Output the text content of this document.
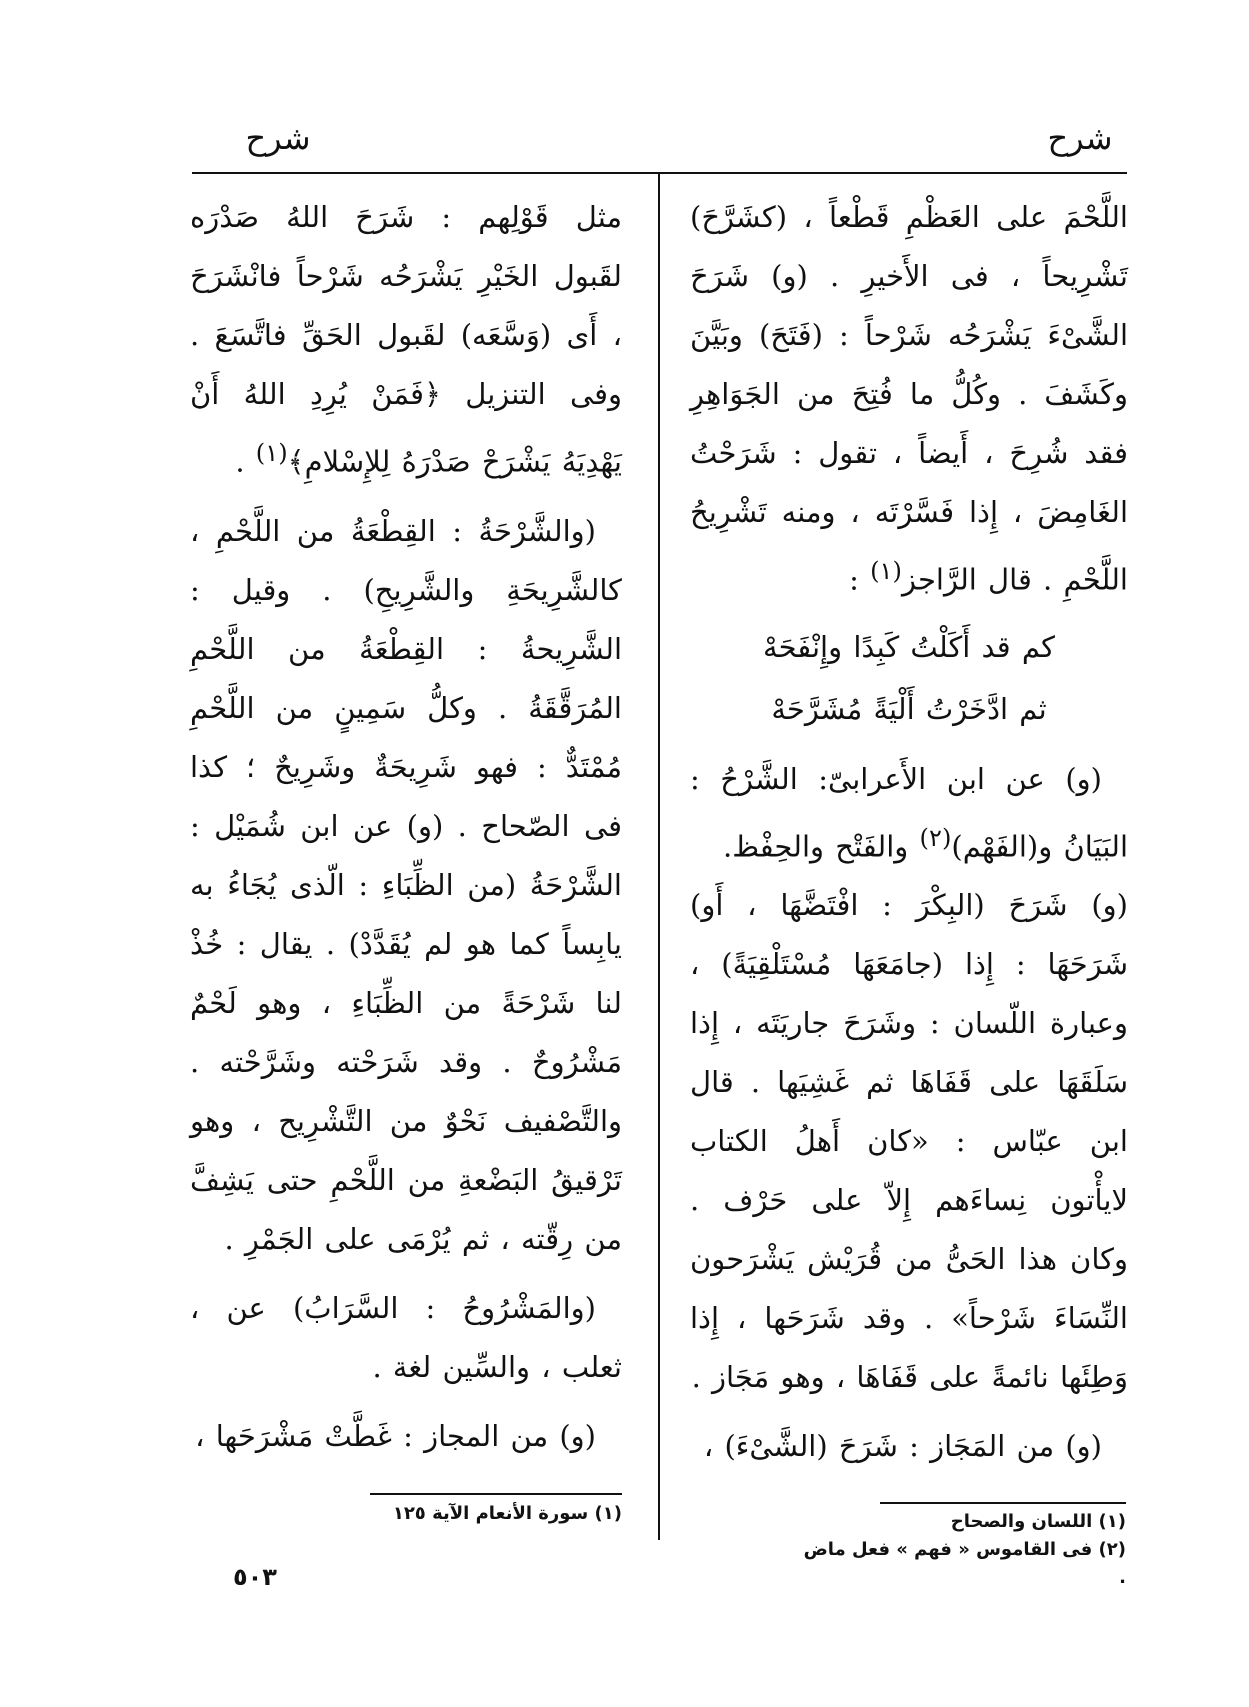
شرح
شرح

اللَّحْمَ على العَظْمِ قَطْعاً ، (كشَرَّحَ) تَشْرِيحاً ، فى الأَخيرِ . (و) شَرَحَ الشَّىْءَ يَشْرَحُه شَرْحاً : (فَتَحَ) وبَيَّنَ وكَشَفَ . وكُلُّ ما فُتِحَ من الجَوَاهِرِ فقد شُرِحَ ، أَيضاً ، تقول : شَرَحْتُ الغَامِضَ ، إِذا فَسَّرْتَه ، ومنه تَشْرِيحُ اللَّحْمِ . قال الرَّاجز$^{(١)}$ :

كم قد أَكَلْتُ كَبِدًا وإِنْفَحَهْ
ثم ادَّخَرْتُ أَلْيَةً مُشَرَّحَهْ

(و) عن ابن الأَعرابىّ: الشَّرْحُ : البَيَانُ و(الفَهْم)$^{(٢)}$ والفَتْح والحِفْظ.

(و) شَرَحَ (البِكْرَ : افْتَضَّهَا ، أَو) شَرَحَهَا : إِذا (جامَعَهَا مُسْتَلْقِيَةً) ، وعبارة اللّسان : وشَرَحَ جاريَتَه ، إِذا سَلَقَهَا على قَفَاهَا ثم غَشِيَها . قال ابن عبّاس : «كان أَهلُ الكتاب لايأْتون نِساءَهم إِلاّ على حَرْف . وكان هذا الحَىُّ من قُرَيْش يَشْرَحون النِّسَاءَ شَرْحاً» . وقد شَرَحَها ، إِذا وَطِئَها نائمةً على قَفَاهَا ، وهو مَجَاز .

(و) من المَجَاز : شَرَحَ (الشَّىْءَ) ،

مثل قَوْلِهم : شَرَحَ اللهُ صَدْرَه لقَبول الخَيْرِ يَشْرَحُه شَرْحاً فانْشَرَحَ ، أَى (وَسَّعَه) لقَبول الحَقِّ فاتَّسَعَ . وفى التنزيل ﴿فَمَنْ يُرِدِ اللهُ أَنْ يَهْدِيَهُ يَشْرَحْ صَدْرَهُ لِلإِسْلامِ﴾$^{(١)}$ .

(والشَّرْحَةُ : القِطْعَةُ من اللَّحْمِ ، كالشَّرِيحَةِ والشَّرِيحِ) . وقيل : الشَّرِيحةُ : القِطْعَةُ من اللَّحْمِ المُرَقَّقَةُ . وكلُّ سَمِينٍ من اللَّحْمِ مُمْتَدٌّ : فهو شَرِيحَةٌ وشَرِيحٌ ؛ كذا فى الصّحاح . (و) عن ابن شُمَيْل : الشَّرْحَةُ (من الظِّبَاءِ : الّذى يُجَاءُ به يابِساً كما هو لم يُقَدَّدْ) . يقال : خُذْ لنا شَرْحَةً من الظِّبَاءِ ، وهو لَحْمٌ مَشْرُوحٌ . وقد شَرَحْته وشَرَّحْته . والتَّصْفيف نَحْوٌ من التَّشْرِيح ، وهو تَرْقيقُ البَضْعةِ من اللَّحْمِ حتى يَشِفَّ من رِقّته ، ثم يُرْمَى على الجَمْرِ .

(والمَشْرُوحُ : السَّرَابُ) عن ، ثعلب ، والسِّين لغة .

(و) من المجاز : غَطَّتْ مَشْرَحَها ،

(١) اللسان والصحاح
(٢) فى القاموس « فهم » فعل ماض .
(١) سورة الأنعام الآية ١٢٥
٥٠٣
